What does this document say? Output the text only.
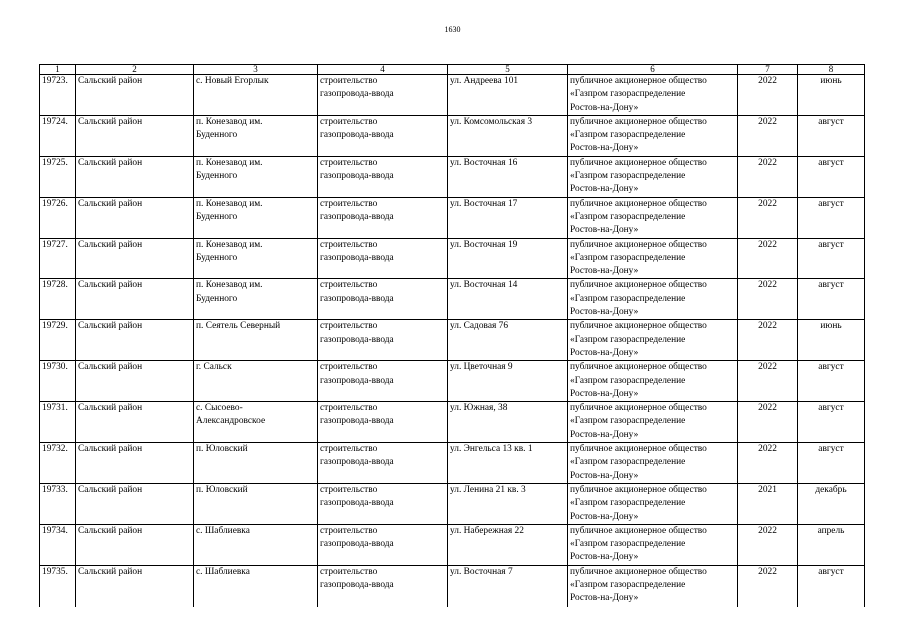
1630
1	2	3	4	5	6	7	8
19723.	Сальский район	с. Новый Егорлык	строительство
газопровода-ввода	ул. Андреева 101	публичное акционерное общество
«Газпром газораспределение
Ростов-на-Дону»	2022	июнь
19724.	Сальский район	п. Конезавод им.
Буденного	строительство
газопровода-ввода	ул. Комсомольская 3	публичное акционерное общество
«Газпром газораспределение
Ростов-на-Дону»	2022	август
19725.	Сальский район	п. Конезавод им.
Буденного	строительство
газопровода-ввода	ул. Восточная 16	публичное акционерное общество
«Газпром газораспределение
Ростов-на-Дону»	2022	август
19726.	Сальский район	п. Конезавод им.
Буденного	строительство
газопровода-ввода	ул. Восточная 17	публичное акционерное общество
«Газпром газораспределение
Ростов-на-Дону»	2022	август
19727.	Сальский район	п. Конезавод им.
Буденного	строительство
газопровода-ввода	ул. Восточная 19	публичное акционерное общество
«Газпром газораспределение
Ростов-на-Дону»	2022	август
19728.	Сальский район	п. Конезавод им.
Буденного	строительство
газопровода-ввода	ул. Восточная 14	публичное акционерное общество
«Газпром газораспределение
Ростов-на-Дону»	2022	август
19729.	Сальский район	п. Сеятель Северный	строительство
газопровода-ввода	ул. Садовая 76	публичное акционерное общество
«Газпром газораспределение
Ростов-на-Дону»	2022	июнь
19730.	Сальский район	г. Сальск	строительство
газопровода-ввода	ул. Цветочная 9	публичное акционерное общество
«Газпром газораспределение
Ростов-на-Дону»	2022	август
19731.	Сальский район	с. Сысоево-
Александровское	строительство
газопровода-ввода	ул. Южная, 38	публичное акционерное общество
«Газпром газораспределение
Ростов-на-Дону»	2022	август
19732.	Сальский район	п. Юловский	строительство
газопровода-ввода	ул. Энгельса 13 кв. 1	публичное акционерное общество
«Газпром газораспределение
Ростов-на-Дону»	2022	август
19733.	Сальский район	п. Юловский	строительство
газопровода-ввода	ул. Ленина 21 кв. 3	публичное акционерное общество
«Газпром газораспределение
Ростов-на-Дону»	2021	декабрь
19734.	Сальский район	с. Шаблиевка	строительство
газопровода-ввода	ул. Набережная 22	публичное акционерное общество
«Газпром газораспределение
Ростов-на-Дону»	2022	апрель
19735.	Сальский район	с. Шаблиевка	строительство
газопровода-ввода	ул. Восточная 7	публичное акционерное общество
«Газпром газораспределение
Ростов-на-Дону»	2022	август
